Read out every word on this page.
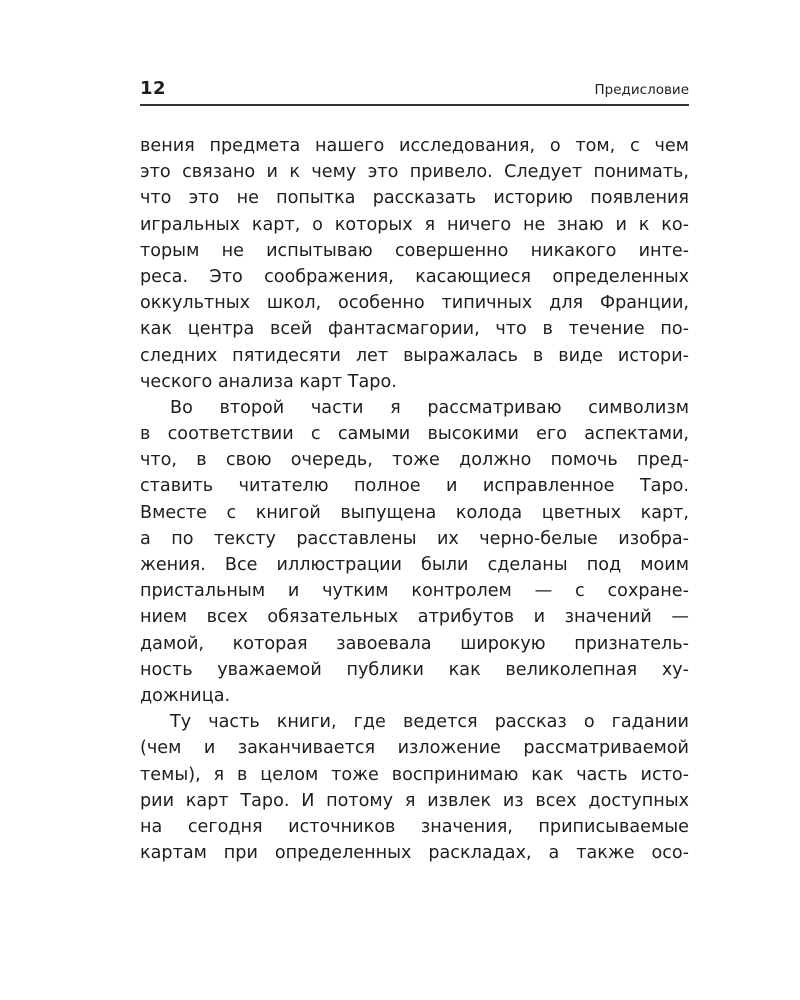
12	Предисловие
вения предмета нашего исследования, о том, с чем
это связано и к чему это привело. Следует понимать,
что это не попытка рассказать историю появления
игральных карт, о которых я ничего не знаю и к ко-
торым не испытываю совершенно никакого инте-
реса. Это соображения, касающиеся определенных
оккультных школ, особенно типичных для Франции,
как центра всей фантасмагории, что в течение по-
следних пятидесяти лет выражалась в виде истори-
ческого анализа карт Таро.
Во второй части я рассматриваю символизм
в соответствии с самыми высокими его аспектами,
что, в свою очередь, тоже должно помочь пред-
ставить читателю полное и исправленное Таро.
Вместе с книгой выпущена колода цветных карт,
а по тексту расставлены их черно-белые изобра-
жения. Все иллюстрации были сделаны под моим
пристальным и чутким контролем — с сохране-
нием всех обязательных атрибутов и значений —
дамой, которая завоевала широкую признатель-
ность уважаемой публики как великолепная ху-
дожница.
Ту часть книги, где ведется рассказ о гадании
(чем и заканчивается изложение рассматриваемой
темы), я в целом тоже воспринимаю как часть исто-
рии карт Таро. И потому я извлек из всех доступных
на сегодня источников значения, приписываемые
картам при определенных раскладах, а также осо-
